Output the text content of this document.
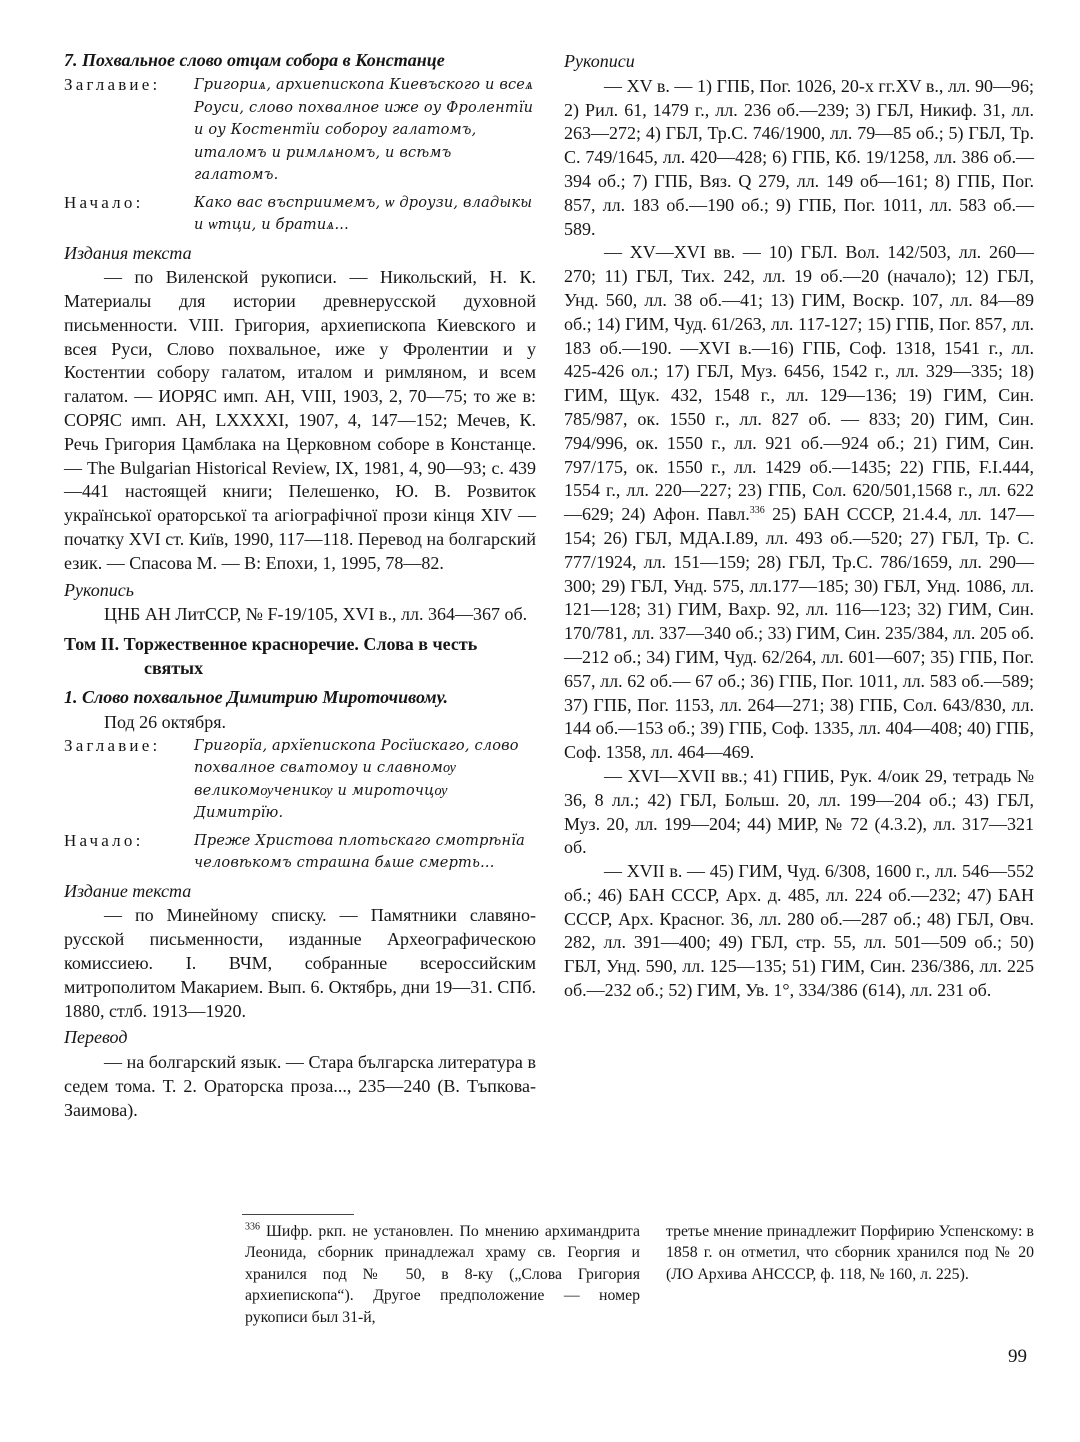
7. Похвальное слово отцам собора в Констанце
Заглавие:	Григориѧ, архиепископа Киевъского и всеѧ Роуси, слово похвалное иже оу Фролентїи и оу Костентїи соборoу галатомъ, италомъ и римлѧномъ, и всѣмъ галатомъ.
Начало:	Како вас въсприимемъ, ѡ дроузи, владыкы и ѡтци, и братиѧ...
Издания текста

— по Виленской рукописи. — Никольский, Н. К. Материалы для истории древнерусской духовной письменности. VIII. Григория, архиепископа Киевского и всея Руси, Слово похвальное, иже у Фролентии и у Костентии собору галатом, италом и римлянoм, и всем галатом. — ИОРЯС имп. АН, VIII, 1903, 2, 70—75; то же в: СОРЯС имп. АН, LXXXXI, 1907, 4, 147—152; Мечев, К. Речь Григория Цамблака на Церковном соборе в Констанце. — The Bulgarian Historical Review, IX, 1981, 4, 90—93; с. 439—441 настоящей книги; Пелешенко, Ю. В. Розвиток української ораторської та агіографічної прози кінця XIV — початку XVI ст. Київ, 1990, 117—118. Перевод на болгарский език. — Спасова М. — В: Епохи, 1, 1995, 78—82.

Рукопись

ЦНБ АН ЛитССР, № F-19/105, XVI в., лл. 364—367 об.

Том II. Торжественное красноречие. Слова в честь святых
1. Слово похвальное Димитрию Мироточивому.
Под 26 октября.
Заглавие:	Григорїа, архїепископа Росїискаго, слово похвалное свѧтомоу и славномѹ великомѹченикѹ и мироточцѹ Димитрїю.
Начало:	Преже Христова плотьскаго смотрѣнїа человѣкомъ страшна бѧше смерть...
Издание текста

— по Минейному списку. — Памятники славяно-русской письменности, изданные Археографическою комиссиею. I. ВЧМ, собранные всероссийским митрополитом Макарием. Вып. 6. Октябрь, дни 19—31. СПб. 1880, стлб. 1913—1920.

Перевод

— на болгарский язык. — Стара българска литература в седем тома. Т. 2. Ораторска проза..., 235—240 (В. Тъпкова-Заимова).

Рукописи

— XV в. — 1) ГПБ, Пог. 1026, 20-х гг.XV в., лл. 90—96; 2) Рил. 61, 1479 г., лл. 236 об.—239; 3) ГБЛ, Никиф. 31, лл. 263—272; 4) ГБЛ, Тр.С. 746/1900, лл. 79—85 об.; 5) ГБЛ, Тр. С. 749/1645, лл. 420—428; 6) ГПБ, Кб. 19/1258, лл. 386 об.—394 об.; 7) ГПБ, Вяз. Q 279, лл. 149 об—161; 8) ГПБ, Пог. 857, лл. 183 об.—190 об.; 9) ГПБ, Пог. 1011, лл. 583 об.—589.

— XV—XVI вв. — 10) ГБЛ. Вол. 142/503, лл. 260—270; 11) ГБЛ, Тих. 242, лл. 19 об.—20 (начало); 12) ГБЛ, Унд. 560, лл. 38 об.—41; 13) ГИМ, Воскр. 107, лл. 84—89 об.; 14) ГИМ, Чуд. 61/263, лл. 117-127; 15) ГПБ, Пог. 857, лл. 183 об.—190. —XVI в.—16) ГПБ, Соф. 1318, 1541 г., лл. 425-426 ол.; 17) ГБЛ, Муз. 6456, 1542 г., лл. 329—335; 18) ГИМ, Щук. 432, 1548 г., лл. 129—136; 19) ГИМ, Син. 785/987, ок. 1550 г., лл. 827 об. — 833; 20) ГИМ, Син. 794/996, ок. 1550 г., лл. 921 об.—924 об.; 21) ГИМ, Син. 797/175, ок. 1550 г., лл. 1429 об.—1435; 22) ГПБ, F.I.444, 1554 г., лл. 220—227; 23) ГПБ, Сол. 620/501,1568 г., лл. 622—629; 24) Афон. Павл.$^{336}$ 25) БАН СССР, 21.4.4, лл. 147—154; 26) ГБЛ, МДА.I.89, лл. 493 об.—520; 27) ГБЛ, Тр. С. 777/1924, лл. 151—159; 28) ГБЛ, Тр.С. 786/1659, лл. 290—300; 29) ГБЛ, Унд. 575, лл.177—185; 30) ГБЛ, Унд. 1086, лл. 121—128; 31) ГИМ, Вахр. 92, лл. 116—123; 32) ГИМ, Син. 170/781, лл. 337—340 об.; 33) ГИМ, Син. 235/384, лл. 205 об.—212 об.; 34) ГИМ, Чуд. 62/264, лл. 601—607; 35) ГПБ, Пог. 657, лл. 62 об.— 67 об.; 36) ГПБ, Пог. 1011, лл. 583 об.—589; 37) ГПБ, Пог. 1153, лл. 264—271; 38) ГПБ, Сол. 643/830, лл. 144 об.—153 об.; 39) ГПБ, Соф. 1335, лл. 404—408; 40) ГПБ, Соф. 1358, лл. 464—469.

— XVI—XVII вв.; 41) ГПИБ, Рук. 4/оик 29, тетрадь № 36, 8 лл.; 42) ГБЛ, Больш. 20, лл. 199—204 об.; 43) ГБЛ, Муз. 20, лл. 199—204; 44) МИР, № 72 (4.3.2), лл. 317—321 об.

— XVII в. — 45) ГИМ, Чуд. 6/308, 1600 г., лл. 546—552 об.; 46) БАН СССР, Арх. д. 485, лл. 224 об.—232; 47) БАН СССР, Арх. Красног. 36, лл. 280 об.—287 об.; 48) ГБЛ, Овч. 282, лл. 391—400; 49) ГБЛ, стр. 55, лл. 501—509 об.; 50) ГБЛ, Унд. 590, лл. 125—135; 51) ГИМ, Син. 236/386, лл. 225 об.—232 об.; 52) ГИМ, Ув. 1°, 334/386 (614), лл. 231 об.

$^{336}$ Шифр. ркп. не установлен. По мнению архимандрита Леонида, сборник принадлежал храму св. Георгия и хранился под № 50, в 8-ку („Слова Григория архиепископа“). Другое предположение — номер рукописи был 31-й,
третье мнение принадлежит Порфирию Успенскому: в 1858 г. он отметил, что сборник хранился под № 20 (ЛО Архива АНСССР, ф. 118, № 160, л. 225).
99
